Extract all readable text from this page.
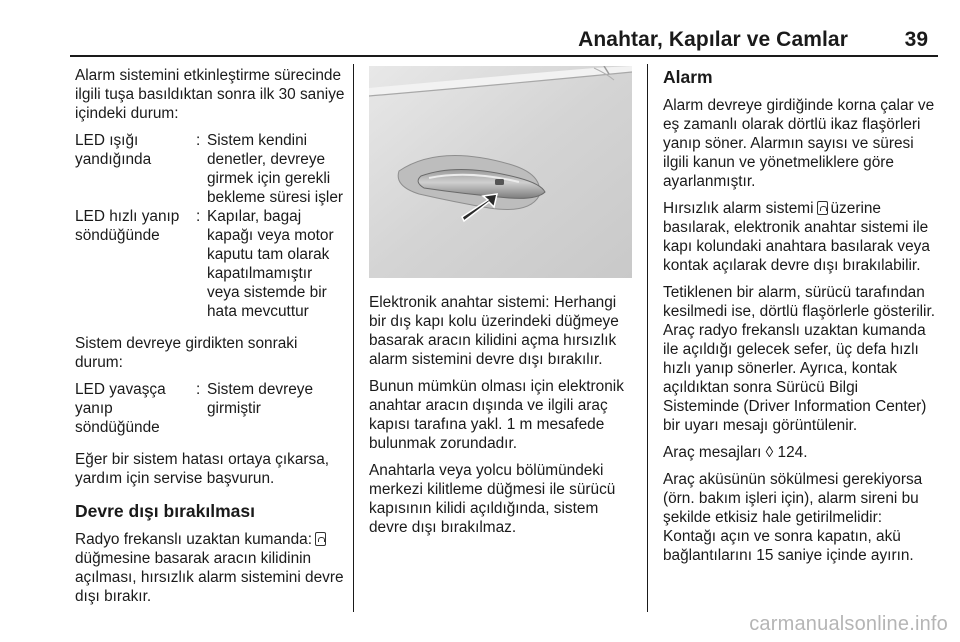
Anahtar, Kapılar ve Camlar	39

Alarm sistemini etkinleştirme sürecinde ilgili tuşa basıldıktan sonra ilk 30 saniye içindeki durum:

LED ışığı yandığında
: Sistem kendini denetler, devreye girmek için gerekli bekleme süresi işler
LED hızlı yanıp söndüğünde
: Kapılar, bagaj kapağı veya motor kaputu tam olarak kapatılmamıştır veya sistemde bir hata mevcuttur

Sistem devreye girdikten sonraki durum:

LED yavaşça yanıp söndüğünde
: Sistem devreye girmiştir

Eğer bir sistem hatası ortaya çıkarsa, yardım için servise başvurun.

Devre dışı bırakılması

Radyo frekanslı uzaktan kumanda:düğmesine basarak aracın kilidinin açılması, hırsızlık alarm sistemini devre dışı bırakır.

Elektronik anahtar sistemi: Herhangi bir dış kapı kolu üzerindeki düğmeye basarak aracın kilidini açma hırsızlık alarm sistemini devre dışı bırakılır.

Bunun mümkün olması için elektronik anahtar aracın dışında ve ilgili araç kapısı tarafına yakl. 1 m mesafede bulunmak zorundadır.

Anahtarla veya yolcu bölümündeki merkezi kilitleme düğmesi ile sürücü kapısının kilidi açıldığında, sistem devre dışı bırakılmaz.

Alarm

Alarm devreye girdiğinde korna çalar ve eş zamanlı olarak dörtlü ikaz flaşörleri yanıp söner. Alarmın sayısı ve süresi ilgili kanun ve yönetmeliklere göre ayarlanmıştır.

Hırsızlık alarm sistemi üzerine basılarak, elektronik anahtar sistemi ile kapı kolundaki anahtara basılarak veya kontak açılarak devre dışı bırakılabilir.

Tetiklenen bir alarm, sürücü tarafından kesilmedi ise, dörtlü flaşörlerle gösterilir. Araç radyo frekanslı uzaktan kumanda ile açıldığı gelecek sefer, üç defa hızlı hızlı yanıp sönerler. Ayrıca, kontak açıldıktan sonra Sürücü Bilgi Sisteminde (Driver Information Center) bir uyarı mesajı görüntülenir.

Araç mesajları ◊ 124.

Araç aküsünün sökülmesi gerekiyorsa (örn. bakım işleri için), alarm sireni bu şekilde etkisiz hale getirilmelidir: Kontağı açın ve sonra kapatın, akü bağlantılarını 15 saniye içinde ayırın.

carmanualsonline.info
